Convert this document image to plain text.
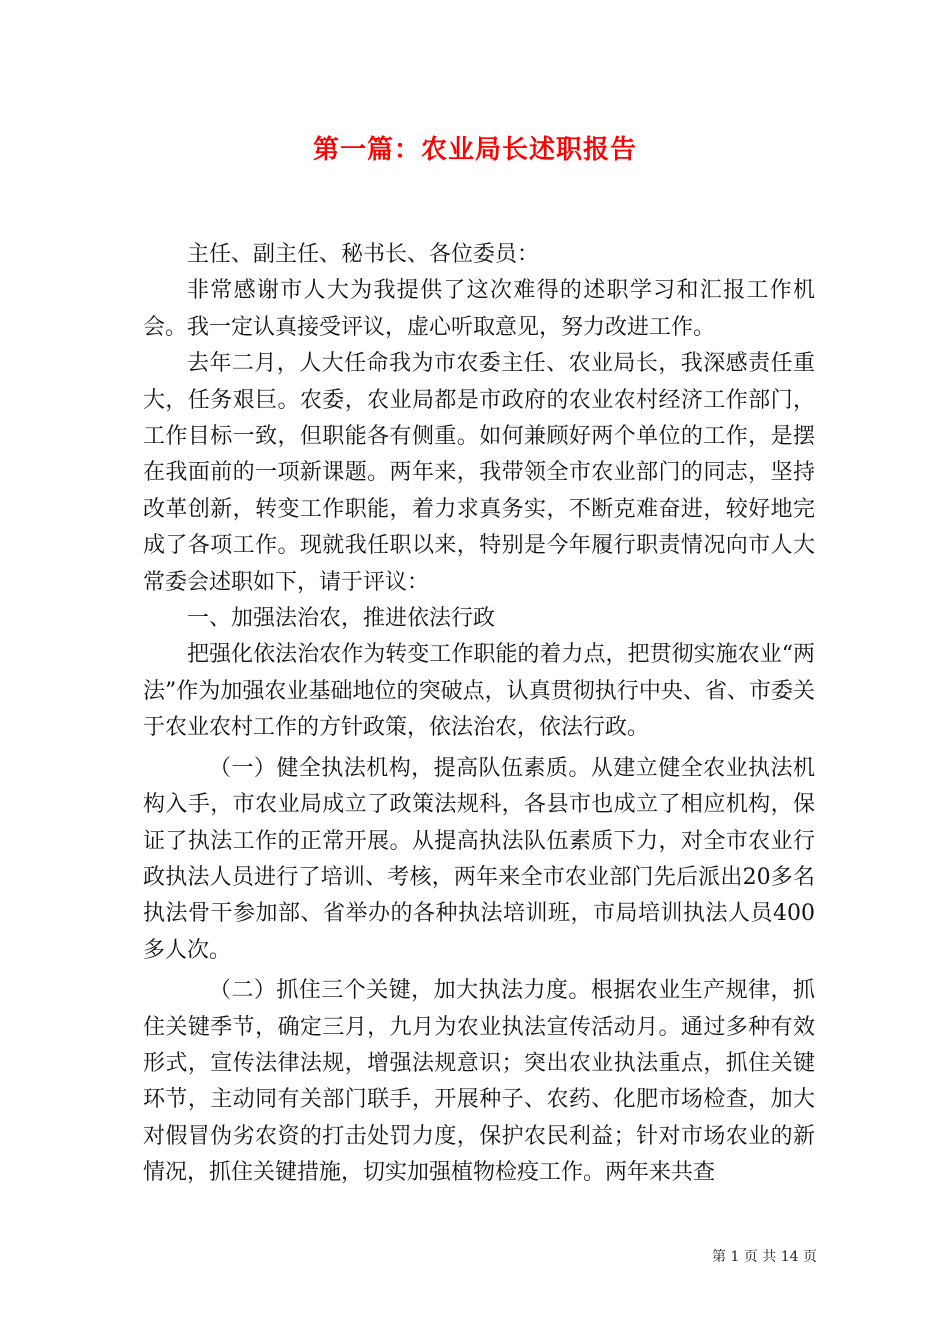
第一篇：农业局长述职报告

主任、副主任、秘书长、各位委员：

非常感谢市人大为我提供了这次难得的述职学习和汇报工作机会。我一定认真接受评议，虚心听取意见，努力改进工作。

去年二月，人大任命我为市农委主任、农业局长，我深感责任重大，任务艰巨。农委，农业局都是市政府的农业农村经济工作部门，工作目标一致，但职能各有侧重。如何兼顾好两个单位的工作，是摆在我面前的一项新课题。两年来，我带领全市农业部门的同志，坚持改革创新，转变工作职能，着力求真务实，不断克难奋进，较好地完成了各项工作。现就我任职以来，特别是今年履行职责情况向市人大常委会述职如下，请于评议：

一、加强法治农，推进依法行政

把强化依法治农作为转变工作职能的着力点，把贯彻实施农业“两法”作为加强农业基础地位的突破点，认真贯彻执行中央、省、市委关于农业农村工作的方针政策，依法治农，依法行政。

（一）健全执法机构，提高队伍素质。从建立健全农业执法机构入手，市农业局成立了政策法规科，各县市也成立了相应机构，保证了执法工作的正常开展。从提高执法队伍素质下力，对全市农业行政执法人员进行了培训、考核，两年来全市农业部门先后派出20多名执法骨干参加部、省举办的各种执法培训班，市局培训执法人员400多人次。

（二）抓住三个关键，加大执法力度。根据农业生产规律，抓住关键季节，确定三月，九月为农业执法宣传活动月。通过多种有效形式，宣传法律法规，增强法规意识；突出农业执法重点，抓住关键环节，主动同有关部门联手，开展种子、农药、化肥市场检查，加大对假冒伪劣农资的打击处罚力度，保护农民利益；针对市场农业的新情况，抓住关键措施，切实加强植物检疫工作。两年来共查

第 1 页 共 14 页
